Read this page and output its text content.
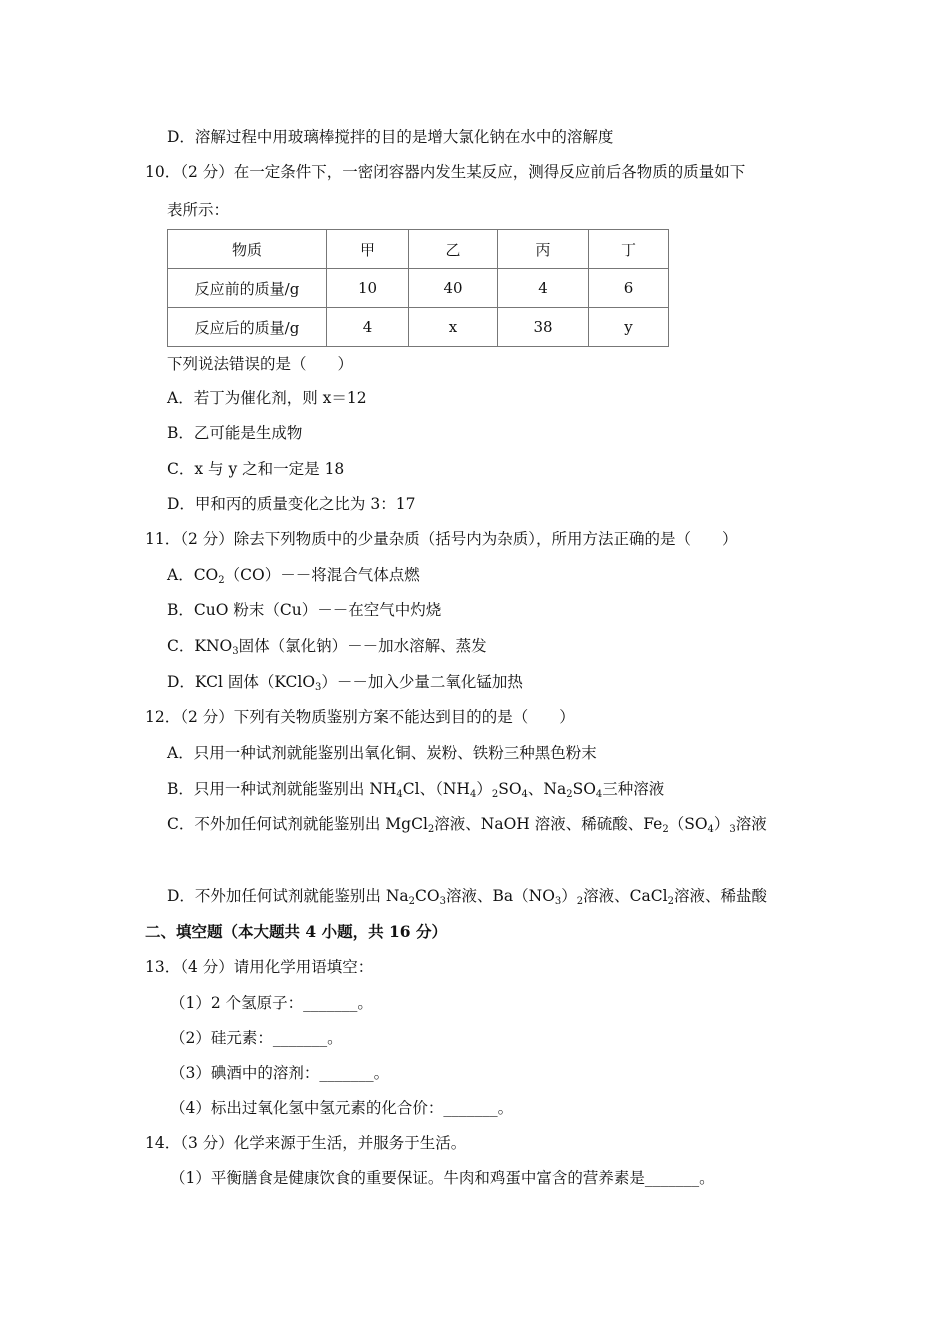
D．溶解过程中用玻璃棒搅拌的目的是增大氯化钠在水中的溶解度
10．（2 分）在一定条件下，一密闭容器内发生某反应，测得反应前后各物质的质量如下
表所示：
物质	甲	乙	丙	丁
反应前的质量/g	10	40	4	6
反应后的质量/g	4	x	38	y
下列说法错误的是（　　）
A．若丁为催化剂，则 x＝12
B．乙可能是生成物
C．x 与 y 之和一定是 18
D．甲和丙的质量变化之比为 3：17
11．（2 分）除去下列物质中的少量杂质（括号内为杂质），所用方法正确的是（　　）
A．$CO_2(CO)--$将混合气体点燃
B．CuO 粉末（Cu）－－在空气中灼烧
C．$KNO_3$固体（氯化钠）－－加水溶解、蒸发
D．KCl 固体（KClO$_3$）－－加入少量二氧化锰加热
12．（2 分）下列有关物质鉴别方案不能达到目的的是（　　）
A．只用一种试剂就能鉴别出氧化铜、炭粉、铁粉三种黑色粉末
B．只用一种试剂就能鉴别出 $NH_4Cl$、$(NH_4)_2SO_4$、$Na_2SO_4$三种溶液
C．不外加任何试剂就能鉴别出 MgCl$_2$溶液、NaOH 溶液、稀硫酸、$Fe_2(SO_4)_3$溶液
D．不外加任何试剂就能鉴别出 $Na_2CO_3$溶液、$Ba(NO_3)_2$溶液、CaCl$_2$溶液、稀盐酸
二、填空题（本大题共 4 小题，共 16 分）
13．（4 分）请用化学用语填空：
（1）2 个氢原子：_______。
（2）硅元素：_______。
（3）碘酒中的溶剂：_______。
（4）标出过氧化氢中氢元素的化合价：_______。
14．（3 分）化学来源于生活，并服务于生活。
（1）平衡膳食是健康饮食的重要保证。牛肉和鸡蛋中富含的营养素是_______。
